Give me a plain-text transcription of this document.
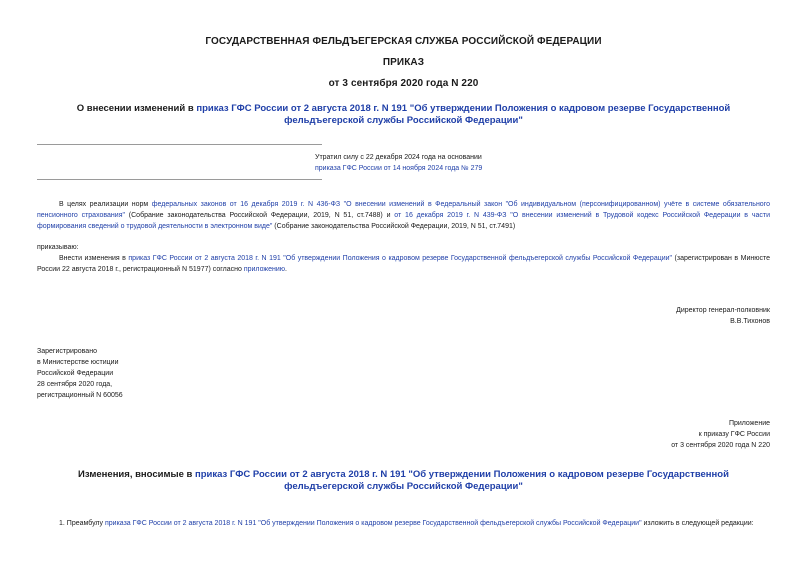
ГОСУДАРСТВЕННАЯ ФЕЛЬДЪЕГЕРСКАЯ СЛУЖБА РОССИЙСКОЙ ФЕДЕРАЦИИ
ПРИКАЗ
от 3 сентября 2020 года N 220
О внесении изменений в приказ ГФС России от 2 августа 2018 г. N 191 "Об утверждении Положения о кадровом резерве Государственной фельдъегерской службы Российской Федерации"
Утратил силу с 22 декабря 2024 года на основании
приказа ГФС России от 14 ноября 2024 года № 279
В целях реализации норм федеральных законов от 16 декабря 2019 г. N 436-ФЗ "О внесении изменений в Федеральный закон "Об индивидуальном (персонифицированном) учёте в системе обязательного пенсионного страхования" (Собрание законодательства Российской Федерации, 2019, N 51, ст.7488) и от 16 декабря 2019 г. N 439-ФЗ "О внесении изменений в Трудовой кодекс Российской Федерации в части формирования сведений о трудовой деятельности в электронном виде" (Собрание законодательства Российской Федерации, 2019, N 51, ст.7491)
приказываю:
Внести изменения в приказ ГФС России от 2 августа 2018 г. N 191 "Об утверждении Положения о кадровом резерве Государственной фельдъегерской службы Российской Федерации" (зарегистрирован в Минюсте России 22 августа 2018 г., регистрационный N 51977) согласно приложению.
Директор генерал-полковник
В.В.Тихонов
Зарегистрировано
в Министерстве юстиции
Российской Федерации
28 сентября 2020 года,
регистрационный N 60056
Приложение
к приказу ГФС России
от 3 сентября 2020 года N 220
Изменения, вносимые в приказ ГФС России от 2 августа 2018 г. N 191 "Об утверждении Положения о кадровом резерве Государственной фельдъегерской службы Российской Федерации"
1. Преамбулу приказа ГФС России от 2 августа 2018 г. N 191 "Об утверждении Положения о кадровом резерве Государственной фельдъегерской службы Российской Федерации" изложить в следующей редакции:
